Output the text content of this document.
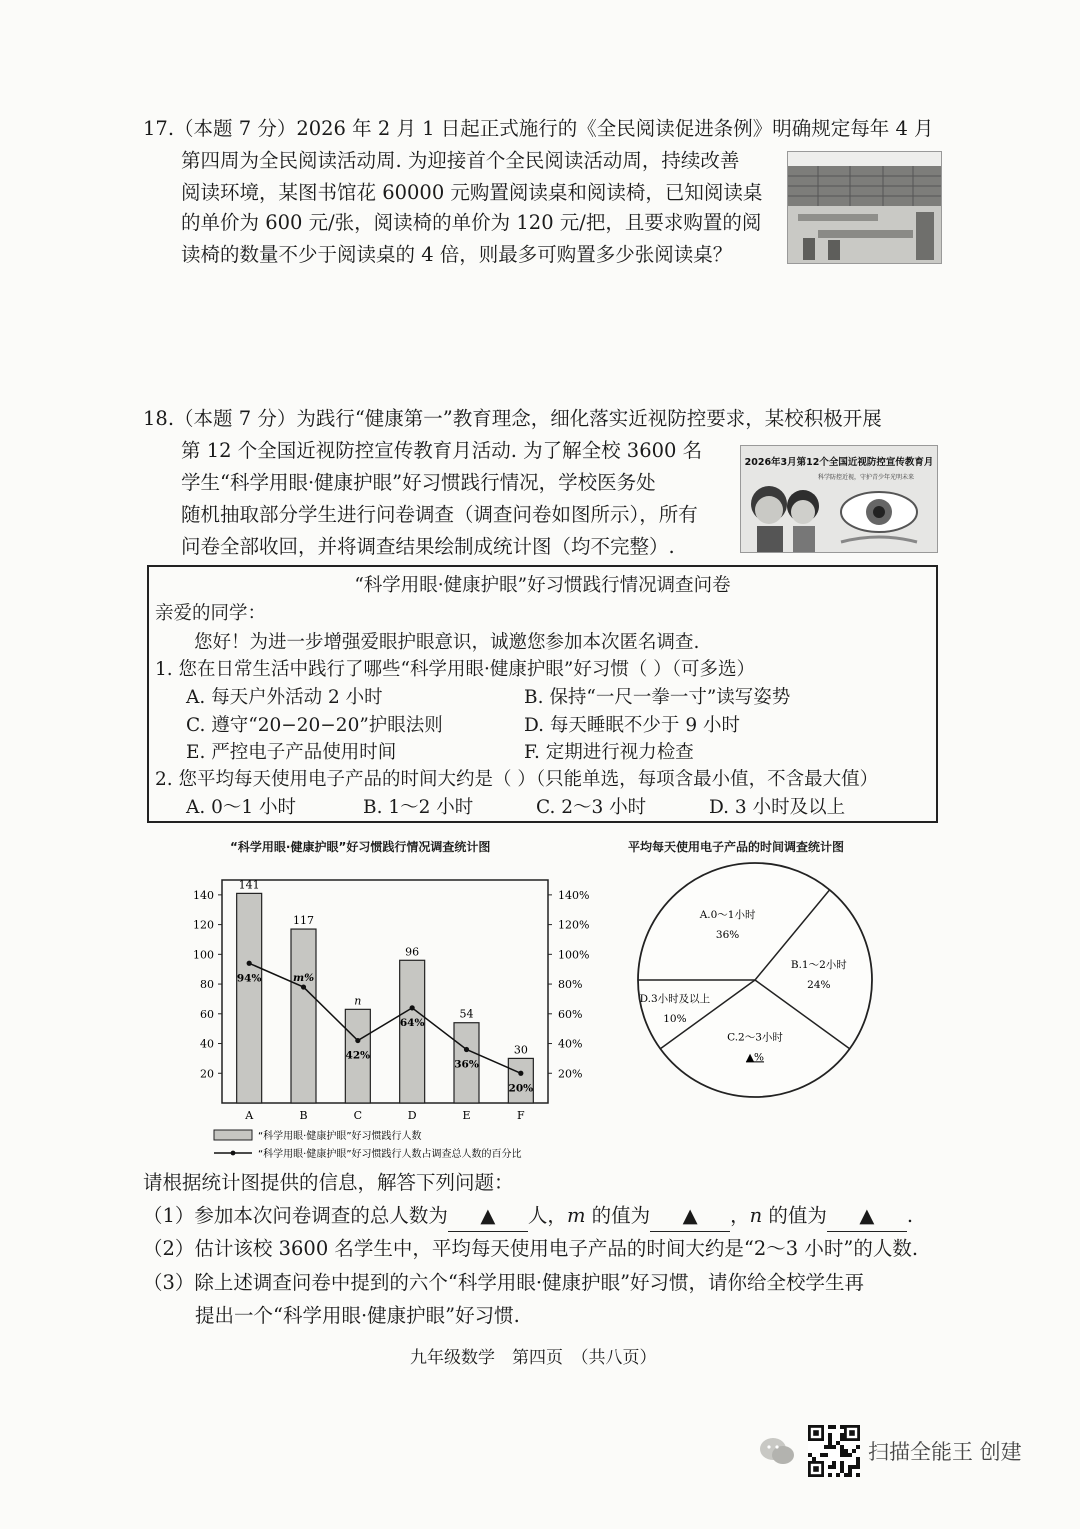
17.（本题 7 分）2026 年 2 月 1 日起正式施行的《全民阅读促进条例》明确规定每年 4 月
第四周为全民阅读活动周. 为迎接首个全民阅读活动周，持续改善
阅读环境，某图书馆花 60000 元购置阅读桌和阅读椅，已知阅读桌
的单价为 600 元/张，阅读椅的单价为 120 元/把，且要求购置的阅
读椅的数量不少于阅读桌的 4 倍，则最多可购置多少张阅读桌？
18.（本题 7 分）为践行“健康第一”教育理念，细化落实近视防控要求，某校积极开展
第 12 个全国近视防控宣传教育月活动. 为了解全校 3600 名
学生“科学用眼·健康护眼”好习惯践行情况，学校医务处
随机抽取部分学生进行问卷调查（调查问卷如图所示），所有
问卷全部收回，并将调查结果绘制成统计图（均不完整）.
2026年3月第12个全国近视防控宣传教育月
科学防控近视，守护青少年光明未来
“科学用眼·健康护眼”好习惯践行情况调查问卷
亲爱的同学：
您好！为进一步增强爱眼护眼意识，诚邀您参加本次匿名调查.
1. 您在日常生活中践行了哪些“科学用眼·健康护眼”好习惯（ ）（可多选）
A. 每天户外活动 2 小时	B. 保持“一尺一拳一寸”读写姿势
C. 遵守“20−20−20”护眼法则	D. 每天睡眠不少于 9 小时
E. 严控电子产品使用时间	F. 定期进行视力检查
2. 您平均每天使用电子产品的时间大约是（ ）（只能单选，每项含最小值，不含最大值）
A. 0～1 小时	B. 1～2 小时	C. 2～3 小时	D. 3 小时及以上
“科学用眼·健康护眼”好习惯践行情况调查统计图
20
40
60
80
100
120
140
20%
40%
60%
80%
100%
120%
140%
141
A
117
B
n
C
96
D
54
E
30
F
94%	m%
42%
64%
36%
20%
“科学用眼·健康护眼”好习惯践行人数
“科学用眼·健康护眼”好习惯践行人数占调查总人数的百分比
平均每天使用电子产品的时间调查统计图
A.0～1小时
36%
B.1～2小时
24%
C.2～3小时
▲%
D.3小时及以上
10%
请根据统计图提供的信息，解答下列问题：
（1）参加本次问卷调查的总人数为 ▲ 人，m 的值为 ▲ ，n 的值为 ▲ .
（2）估计该校 3600 名学生中，平均每天使用电子产品的时间大约是“2～3 小时”的人数.
（3）除上述调查问卷中提到的六个“科学用眼·健康护眼”好习惯，请你给全校学生再
提出一个“科学用眼·健康护眼”好习惯.
九年级数学　第四页　（共八页）
扫描全能王 创建
